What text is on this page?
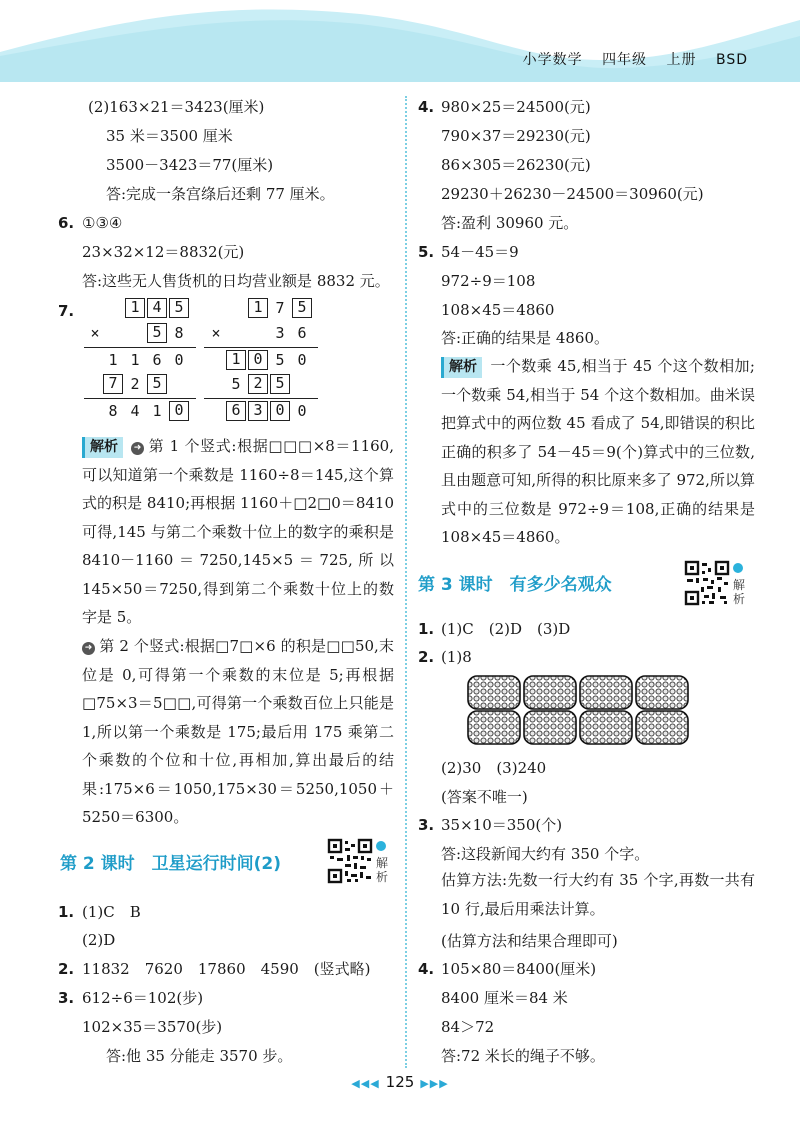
小学数学 四年级 上册 BSD
(2)163×21＝3423(厘米)
35 米＝3500 厘米
3500－3423＝77(厘米)
答:完成一条宫绦后还剩 77 厘米。
6. ①③④
23×32×12＝8832(元)
答:这些无人售货机的日均营业额是 8832 元。
7.	1 4 5
×	5 8
1 1 6 0
7 2 5
8 4 1 0
1 7 5
×	3 6
1 0 5 0
5 2 5
6 3 0 0
解析 ➜ 第 1 个竖式:根据□□□×8＝1160,可以知道第一个乘数是 1160÷8＝145,这个算式的积是 8410;再根据 1160＋□2□0＝8410 可得,145 与第二个乘数十位上的数字的乘积是 8410－1160＝7250,145×5＝725,所以 145×50＝7250,得到第二个乘数十位上的数字是 5。
➜ 第 2 个竖式:根据□7□×6 的积是□□50,末位是 0,可得第一个乘数的末位是 5;再根据□75×3＝5□□,可得第一个乘数百位上只能是 1,所以第一个乘数是 175;最后用 175 乘第二个乘数的个位和十位,再相加,算出最后的结果:175×6＝1050,175×30＝5250,1050＋5250＝6300。
第 2 课时　卫星运行时间(2)	解析
1. (1)C　B
(2)D
2. 11832　7620　17860　4590　(竖式略)
3. 612÷6＝102(步)
102×35＝3570(步)
答:他 35 分能走 3570 步。
4. 980×25＝24500(元)
790×37＝29230(元)
86×305＝26230(元)
29230＋26230－24500＝30960(元)
答:盈利 30960 元。
5. 54－45＝9
972÷9＝108
108×45＝4860
答:正确的结果是 4860。
解析 一个数乘 45,相当于 45 个这个数相加;一个数乘 54,相当于 54 个这个数相加。曲米误把算式中的两位数 45 看成了 54,即错误的积比正确的积多了 54－45＝9(个)算式中的三位数,且由题意可知,所得的积比原来多了 972,所以算式中的三位数是 972÷9＝108,正确的结果是 108×45＝4860。
第 3 课时　有多少名观众	解析
1. (1)C　(2)D　(3)D
2. (1)8
(2)30　(3)240
(答案不唯一)
3. 35×10＝350(个)
答:这段新闻大约有 350 个字。
估算方法:先数一行大约有 35 个字,再数一共有 10 行,最后用乘法计算。
(估算方法和结果合理即可)
4. 105×80＝8400(厘米)
8400 厘米＝84 米
84＞72
答:72 米长的绳子不够。
◀◀◀ 125 ▶▶▶
